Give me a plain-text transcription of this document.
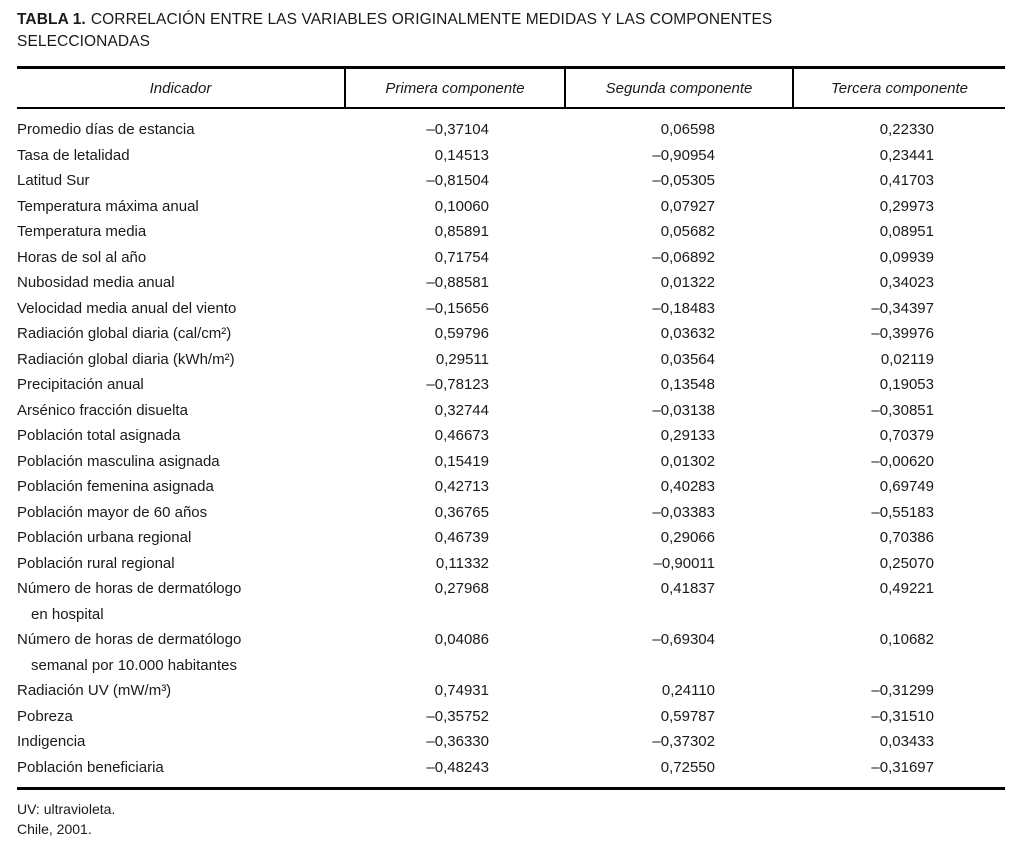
TABLA 1. CORRELACIÓN ENTRE LAS VARIABLES ORIGINALMENTE MEDIDAS Y LAS COMPONENTES SELECCIONADAS
Indicador	Primera componente	Segunda componente	Tercera componente

Promedio días de estancia	–0,37104	0,06598	0,22330

Tasa de letalidad	0,14513	–0,90954	0,23441

Latitud Sur	–0,81504	–0,05305	0,41703

Temperatura máxima anual	0,10060	0,07927	0,29973

Temperatura media	0,85891	0,05682	0,08951

Horas de sol al año	0,71754	–0,06892	0,09939

Nubosidad media anual	–0,88581	0,01322	0,34023

Velocidad media anual del viento	–0,15656	–0,18483	–0,34397

Radiación global diaria (cal/cm²)	0,59796	0,03632	–0,39976

Radiación global diaria (kWh/m²)	0,29511	0,03564	0,02119

Precipitación anual	–0,78123	0,13548	0,19053

Arsénico fracción disuelta	0,32744	–0,03138	–0,30851

Población total asignada	0,46673	0,29133	0,70379

Población masculina asignada	0,15419	0,01302	–0,00620

Población femenina asignada	0,42713	0,40283	0,69749

Población mayor de 60 años	0,36765	–0,03383	–0,55183

Población urbana regional	0,46739	0,29066	0,70386

Población rural regional	0,11332	–0,90011	0,25070

Número de horas de dermatólogo
en hospital	0,27968	0,41837	0,49221

Número de horas de dermatólogo
semanal por 10.000 habitantes	0,04086	–0,69304	0,10682

Radiación UV (mW/m³)	0,74931	0,24110	–0,31299

Pobreza	–0,35752	0,59787	–0,31510

Indigencia	–0,36330	–0,37302	0,03433

Población beneficiaria	–0,48243	0,72550	–0,31697
UV: ultravioleta.
Chile, 2001.
